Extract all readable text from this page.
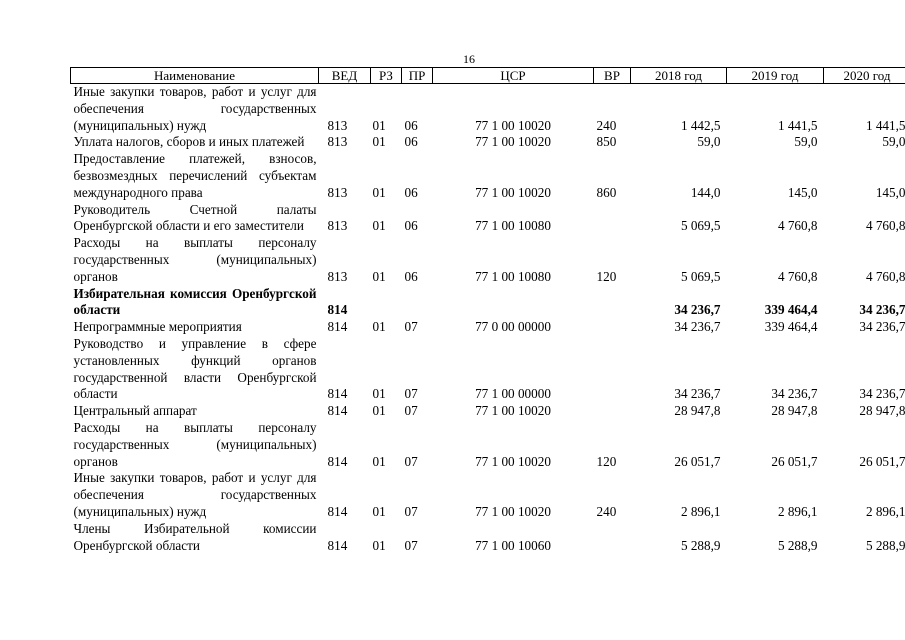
16
Наименование	ВЕД	РЗ	ПР	ЦСР	ВР	2018 год	2019 год	2020 год
Иные закупки товаров, работ и услуг для обеспечения государственных (муниципальных) нужд	813	01	06	77 1 00 10020	240	1 442,5	1 441,5	1 441,5
Уплата налогов, сборов и иных платежей	813	01	06	77 1 00 10020	850	59,0	59,0	59,0
Предоставление платежей, взносов, безвозмездных перечислений субъектам международного права	813	01	06	77 1 00 10020	860	144,0	145,0	145,0
Руководитель Счетной палаты Оренбургской области и его заместители	813	01	06	77 1 00 10080		5 069,5	4 760,8	4 760,8
Расходы на выплаты персоналу государственных (муниципальных) органов	813	01	06	77 1 00 10080	120	5 069,5	4 760,8	4 760,8
Избирательная комиссия Оренбургской области	814					34 236,7	339 464,4	34 236,7
Непрограммные мероприятия	814	01	07	77 0 00 00000		34 236,7	339 464,4	34 236,7
Руководство и управление в сфере установленных функций органов государственной власти Оренбургской области	814	01	07	77 1 00 00000		34 236,7	34 236,7	34 236,7
Центральный аппарат	814	01	07	77 1 00 10020		28 947,8	28 947,8	28 947,8
Расходы на выплаты персоналу государственных (муниципальных) органов	814	01	07	77 1 00 10020	120	26 051,7	26 051,7	26 051,7
Иные закупки товаров, работ и услуг для обеспечения государственных (муниципальных) нужд	814	01	07	77 1 00 10020	240	2 896,1	2 896,1	2 896,1
Члены Избирательной комиссии Оренбургской области	814	01	07	77 1 00 10060		5 288,9	5 288,9	5 288,9
